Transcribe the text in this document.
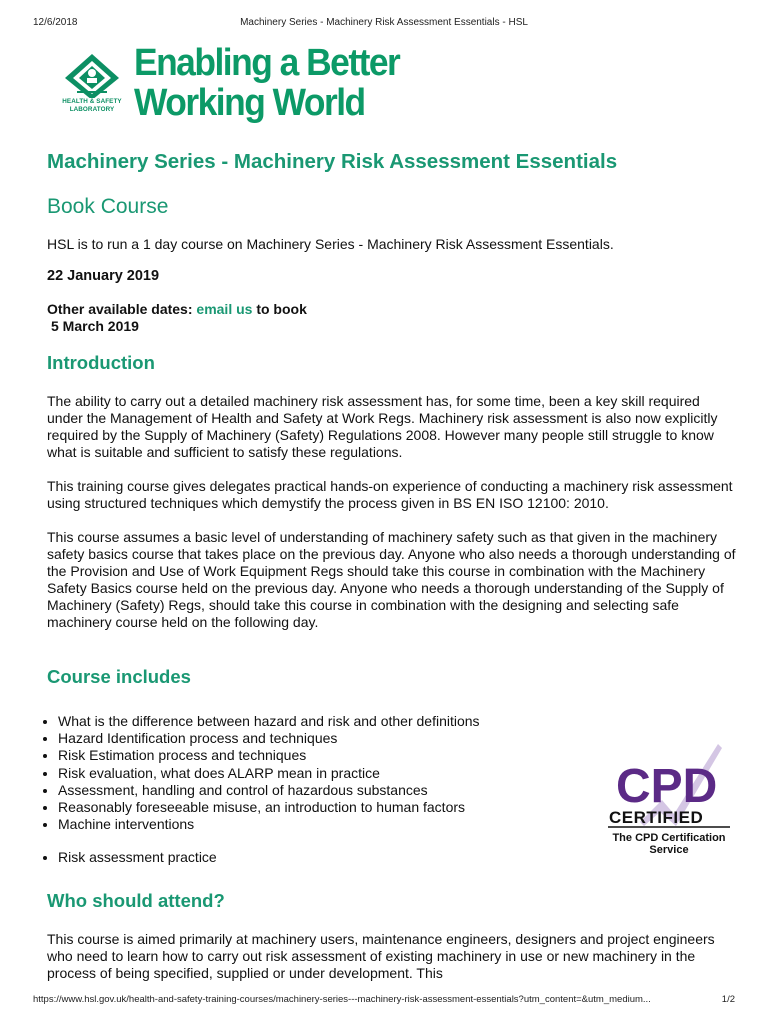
12/6/2018	Machinery Series - Machinery Risk Assessment Essentials - HSL
HEALTH & SAFETY
LABORATORY
Enabling a Better
Working World
Machinery Series - Machinery Risk Assessment Essentials
Book Course
HSL is to run a 1 day course on Machinery Series - Machinery Risk Assessment Essentials.
22 January 2019
Other available dates: email us to book
5 March 2019
Introduction
The ability to carry out a detailed machinery risk assessment has, for some time, been a key skill required under the Management of Health and Safety at Work Regs. Machinery risk assessment is also now explicitly required by the Supply of Machinery (Safety) Regulations 2008. However many people still struggle to know what is suitable and sufficient to satisfy these regulations.
This training course gives delegates practical hands-on experience of conducting a machinery risk assessment using structured techniques which demystify the process given in BS EN ISO 12100: 2010.
This course assumes a basic level of understanding of machinery safety such as that given in the machinery safety basics course that takes place on the previous day. Anyone who also needs a thorough understanding of the Provision and Use of Work Equipment Regs should take this course in combination with the Machinery Safety Basics course held on the previous day. Anyone who needs a thorough understanding of the Supply of Machinery (Safety) Regs, should take this course in combination with the designing and selecting safe machinery course held on the following day.
Course includes
• What is the difference between hazard and risk and other definitions
• Hazard Identification process and techniques
• Risk Estimation process and techniques
• Risk evaluation, what does ALARP mean in practice
• Assessment, handling and control of hazardous substances
• Reasonably foreseeable misuse, an introduction to human factors
• Machine interventions
• Risk assessment practice
CPD
CERTIFIED
The CPD Certification
Service
Who should attend?
This course is aimed primarily at machinery users, maintenance engineers, designers and project engineers who need to learn how to carry out risk assessment of existing machinery in use or new machinery in the process of being specified, supplied or under development. This
https://www.hsl.gov.uk/health-and-safety-training-courses/machinery-series---machinery-risk-assessment-essentials?utm_content=&utm_medium...	1/2
